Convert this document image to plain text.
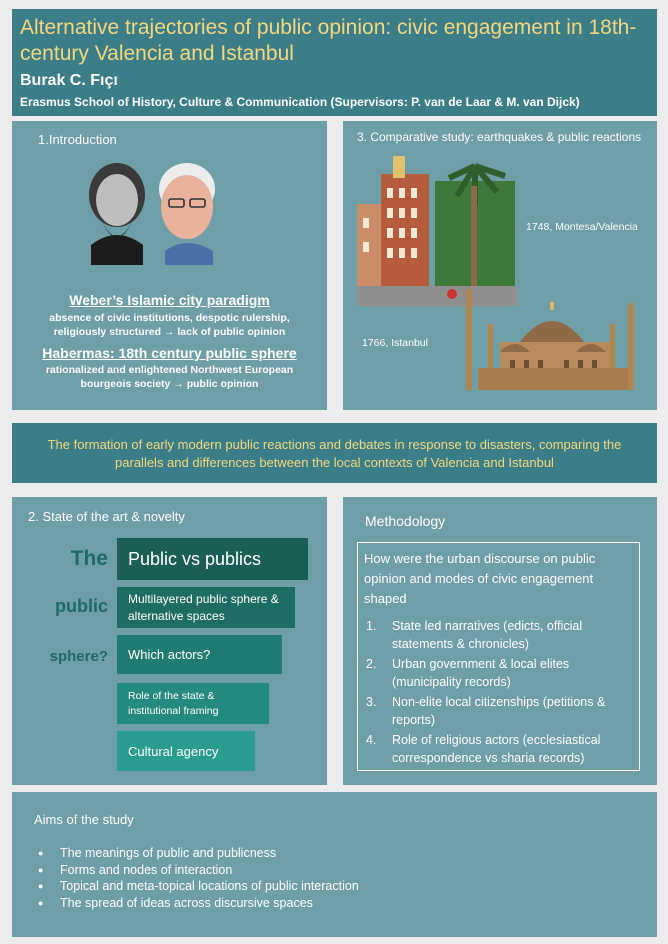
Alternative trajectories of public opinion: civic engagement in 18th-century Valencia and Istanbul
Burak C. Fıçı
Erasmus School of History, Culture & Communication (Supervisors: P. van de Laar & M. van Dijck)
1.Introduction
Weber’s Islamic city paradigm
absence of civic institutions, despotic rulership, religiously structured → lack of public opinion
Habermas: 18th century public sphere
rationalized and enlightened Northwest European bourgeois society → public opinion
3. Comparative study: earthquakes & public reactions
1748, Montesa/Valencia
1766, Istanbul
The formation of early modern public reactions and debates in response to disasters, comparing the parallels and differences between the local contexts of Valencia and Istanbul
2. State of the art & novelty
The
public
sphere?
Public vs publics
Multilayered public sphere & alternative spaces
Which actors?
Role of the state & institutional framing
Cultural agency
Methodology
How were the urban discourse on public opinion and modes of civic engagement shaped
1.	State led narratives (edicts, official statements & chronicles)
2.	Urban government & local elites (municipality records)
3.	Non-elite local citizenships (petitions & reports)
4.	Role of religious actors (ecclesiastical correspondence vs sharia records)
Aims of the study
●	The meanings of public and publicness
●	Forms and nodes of interaction
●	Topical and meta-topical locations of public interaction
●	The spread of ideas across discursive spaces
